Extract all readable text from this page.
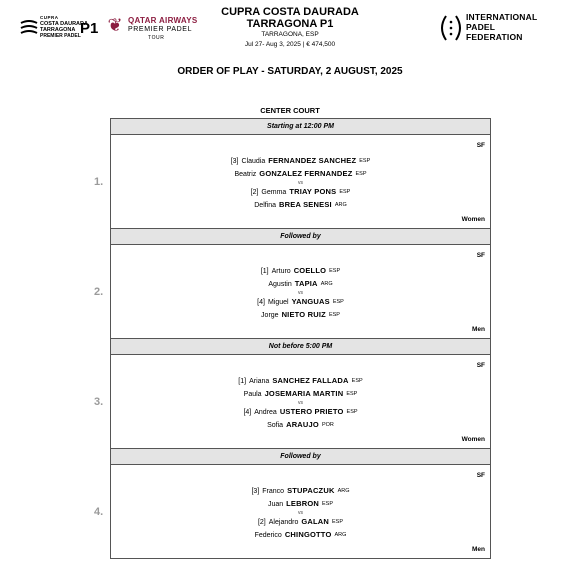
CUPRA
COSTA DAURADA
TARRAGONA
PREMIER PADEL P1 ❦ QATAR AIRWAYS
PREMIER PADEL
TOUR
CUPRA COSTA DAURADA
TARRAGONA P1
TARRAGONA, ESP
Jul 27- Aug 3, 2025 | € 474,500
INTERNATIONAL
PADEL
FEDERATION
ORDER OF PLAY - SATURDAY, 2 AUGUST, 2025
CENTER COURT
Starting at 12:00 PM
1.
SF
Women
[3] Claudia FERNANDEZ SANCHEZ ESP
Beatriz GONZALEZ FERNANDEZ ESP
vs
[2] Gemma TRIAY PONS ESP
Delfina BREA SENESI ARG
Followed by
2.
SF
Men
[1] Arturo COELLO ESP
Agustin TAPIA ARG
vs
[4] Miguel YANGUAS ESP
Jorge NIETO RUIZ ESP
Not before 5:00 PM
3.
SF
Women
[1] Ariana SANCHEZ FALLADA ESP
Paula JOSEMARIA MARTIN ESP
vs
[4] Andrea USTERO PRIETO ESP
Sofia ARAUJO POR
Followed by
4.
SF
Men
[3] Franco STUPACZUK ARG
Juan LEBRON ESP
vs
[2] Alejandro GALAN ESP
Federico CHINGOTTO ARG
